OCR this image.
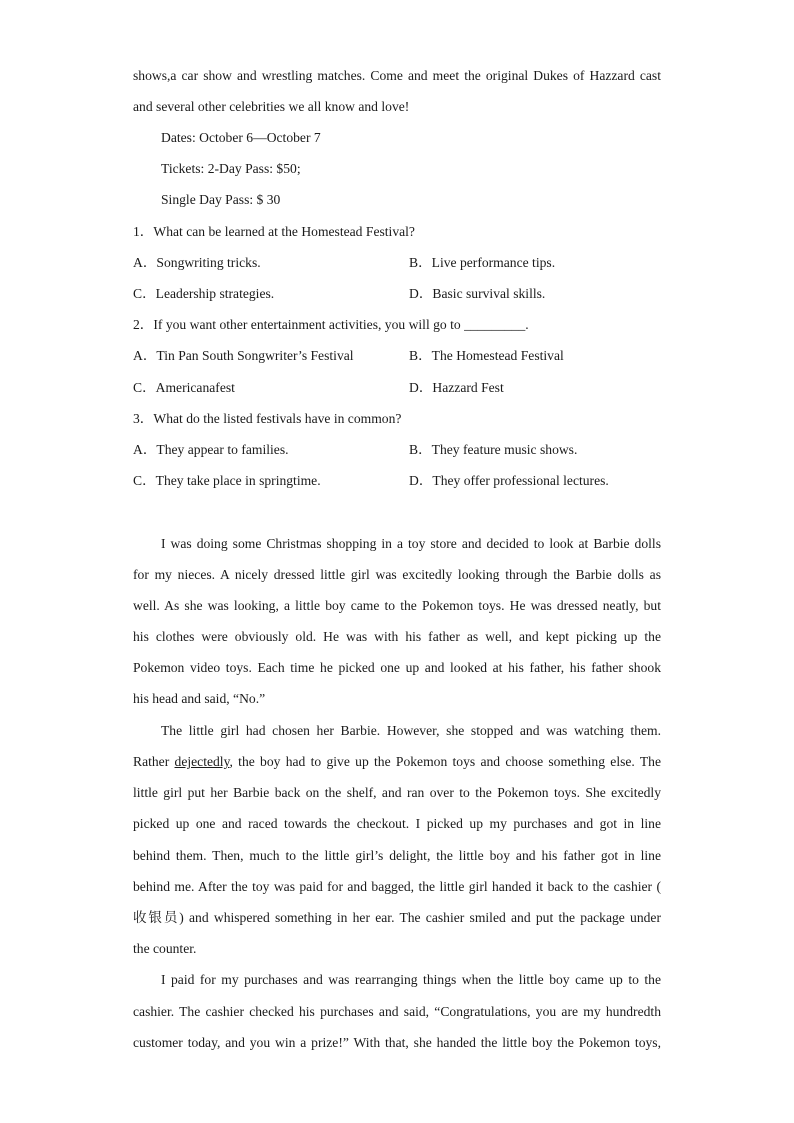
shows,a car show and wrestling matches. Come and meet the original Dukes of Hazzard cast
and several other celebrities we all know and love!
Dates: October 6—October 7
Tickets: 2-Day Pass: $50;
Single Day Pass: $ 30
1．What can be learned at the Homestead Festival?
A．Songwriting tricks.	B．Live performance tips.
C．Leadership strategies.	D．Basic survival skills.
2．If you want other entertainment activities, you will go to _________.
A．Tin Pan South Songwriter’s Festival	B．The Homestead Festival
C．Americanafest	D．Hazzard Fest
3．What do the listed festivals have in common?
A．They appear to families.	B．They feature music shows.
C．They take place in springtime.	D．They offer professional lectures.
I was doing some Christmas shopping in a toy store and decided to look at Barbie dolls
for my nieces. A nicely dressed little girl was excitedly looking through the Barbie dolls as
well. As she was looking, a little boy came to the Pokemon toys. He was dressed neatly, but
his clothes were obviously old. He was with his father as well, and kept picking up the
Pokemon video toys. Each time he picked one up and looked at his father, his father shook
his head and said, “No.”
The little girl had chosen her Barbie. However, she stopped and was watching them.
Rather dejectedly, the boy had to give up the Pokemon toys and choose something else. The
little girl put her Barbie back on the shelf, and ran over to the Pokemon toys. She excitedly
picked up one and raced towards the checkout. I picked up my purchases and got in line
behind them. Then, much to the little girl’s delight, the little boy and his father got in line
behind me. After the toy was paid for and bagged, the little girl handed it back to the cashier (
收银员) and whispered something in her ear. The cashier smiled and put the package under
the counter.
I paid for my purchases and was rearranging things when the little boy came up to the
cashier. The cashier checked his purchases and said, “Congratulations, you are my hundredth
customer today, and you win a prize!” With that, she handed the little boy the Pokemon toys,
